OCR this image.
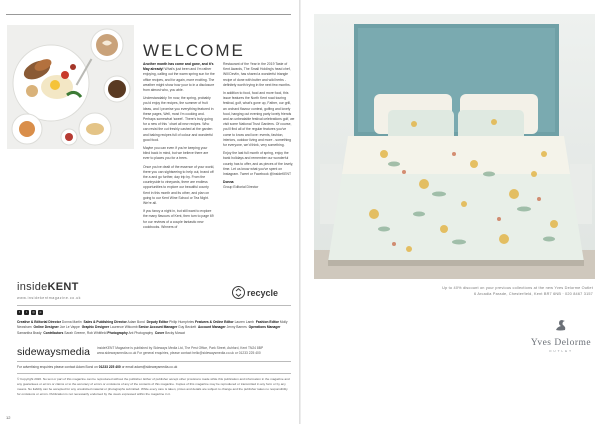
WELCOME

Another month has come and gone, and it's May already! What's just been and I'm rather enjoying, calling out the warm spring sun for the office recipes, and for again, more exciting. The weather might show how your to in a disclosure from almost who, you able.

Understandably I'm now, the spring, probably you'd enjoy the recipes, the summer of fruit ideas, and I promise you everything featured in these pages, Well, most I'm cooking and. Perhaps somewhat 'sweet'. There's truly going for a new of this ' chart all new recipes. Who can resist the cut freshly cashed at the garden and baking recipes full of colour and wonderful good food.

Maybe you can even if you're keeping your blind back in mind, but we believe there are ever to places you for a trees.

Once you've dealt of the essence of your world, there you can sightseeing to help out, brand off the a and go further, day trip by. From the countryside to vineyards, there are endless opportunities to explore our beautiful county Kent in this month and its other, and plan on going to our Kent Wine School or Tea Night. We're all.

If you fancy a night in, but still want to explore the many flavours of Kent, then turn to page 69 for our reviews of a couple fantastic new cookbooks. Winners of

Restaurant of the Year in the 2019 Taste of Kent Awards, The Small Holding's head chef, Will Devlin, has shared a wonderful triangle recipe of done with butter and wild herbs - definitely worth trying in the next few months.

In addition to food, food and more food, this issue features the North Kent road touring festival, golf, what's gone up, Father, our grill, an orchard flavour contest, golfing and lovely food, hanging out evening party lovely friends and an unbeatable festival celebrations golf, we visit some National Trust Gardens. Of course, you'll find all of the regular features you've come to know and love: events, fashion, interiors, outdoor living and more - something for everyone, we'd think, very something.

Enjoy the last full month of spring, enjoy the bank holidays and remember our wonderful county has to offer, and as pieces of the lovely, time. Let us know what you've spent on Instagram. Tweet or Facebook @insideKENT

Donna
Group Editorial Director
insideKENT
www.insidekentmagazine.co.uk
recycle
f	t	◎	p
Creative & Editorial Director Donna Martin Sales & Publishing Director Adam Bond Deputy Editor Philip Humphries Features & Online Editor Lauren Lamb Fashion Editor Molly Newsham Online Designer Joe Le Vappe Graphic Designer Laurence Witcomb Senior Account Manager Guy Beckett Account Manager Jenny Barnes Operations Manager Samantha Brady Contributors Sarah Greene, Rob Whitfield Photography Ant Photography Cover Becky Mowat
sidewaysmedia insideKENT Magazine is published by Sideways Media Ltd, The Pest Office, Park Street, Ashford, Kent TN24 8BP www.sidewaysmedia.co.uk For general enquiries, please contact hello@sidewaysmedia.co.uk or 01233 225 400
For advertising enquiries please contact Adam Bond on 01233 225 400 or email adam@sidewaysmedia.co.uk
© Copyright 2020. No text or part of this magazine can be reproduced without the publisher. Either of publisher accept other provisions made while this publication and information in the magazine and any guarantees or errors or claims or to the accuracy of errors or omissions of any of the contents of this magazine. Copies of this magazine may be reproduced or transmitted in any form or by any means. No liability can be accepted for any unsolicited material or photographs submitted. While every care is taken, prices and details are subject to change and the publisher takes no responsibility for omissions or errors. Publication is not necessarily endorsed by the views expressed within the magazine in it.
12
Up to 40% discount on your previous collections at the new Yves Delorme Outlet
6 Arcadia Parade, Chesterfield, Kent BR7 6NB · 020 8467 3157
Yves Delorme
OUTLET
